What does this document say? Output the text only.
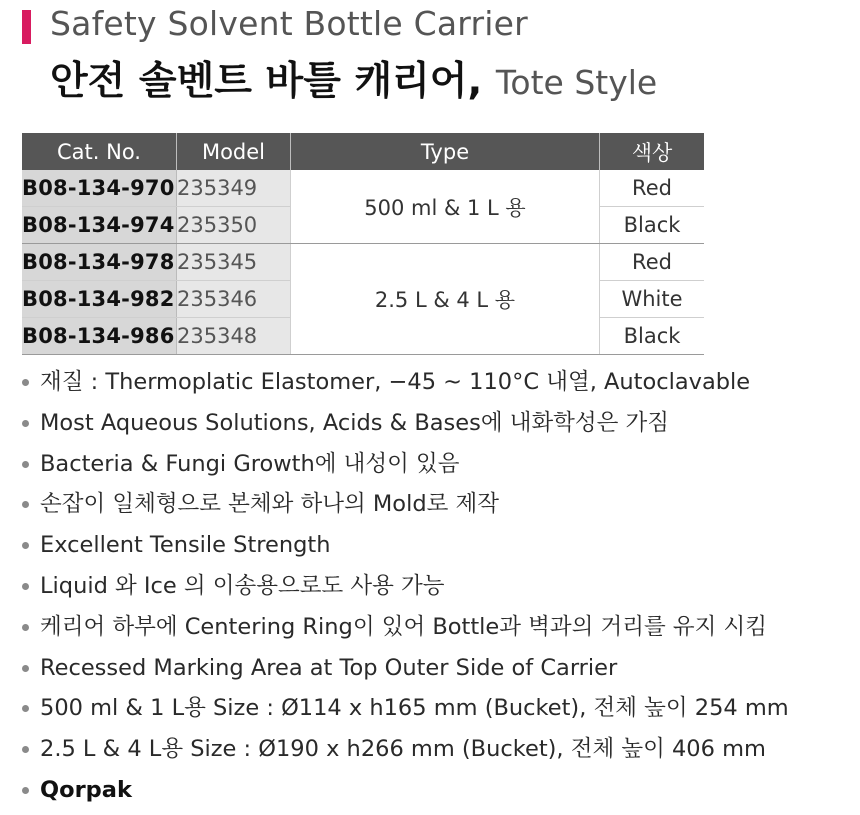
Safety Solvent Bottle Carrier
안전 솔벤트 바틀 캐리어, Tote Style
Cat. No.	Model	Type	색상
B08-134-970	235349	500 ml & 1 L 용	Red
B08-134-974	235350		Black
B08-134-978	235345	2.5 L & 4 L 용	Red
B08-134-982	235346		White
B08-134-986	235348		Black
재질 : Thermoplatic Elastomer, −45 ~ 110°C 내열, Autoclavable
Most Aqueous Solutions, Acids & Bases에 내화학성은 가짐
Bacteria & Fungi Growth에 내성이 있음
손잡이 일체형으로 본체와 하나의 Mold로 제작
Excellent Tensile Strength
Liquid 와 Ice 의 이송용으로도 사용 가능
케리어 하부에 Centering Ring이 있어 Bottle과 벽과의 거리를 유지 시킴
Recessed Marking Area at Top Outer Side of Carrier
500 ml & 1 L용 Size : Ø114 x h165 mm (Bucket), 전체 높이 254 mm
2.5 L & 4 L용 Size : Ø190 x h266 mm (Bucket), 전체 높이 406 mm
Qorpak
